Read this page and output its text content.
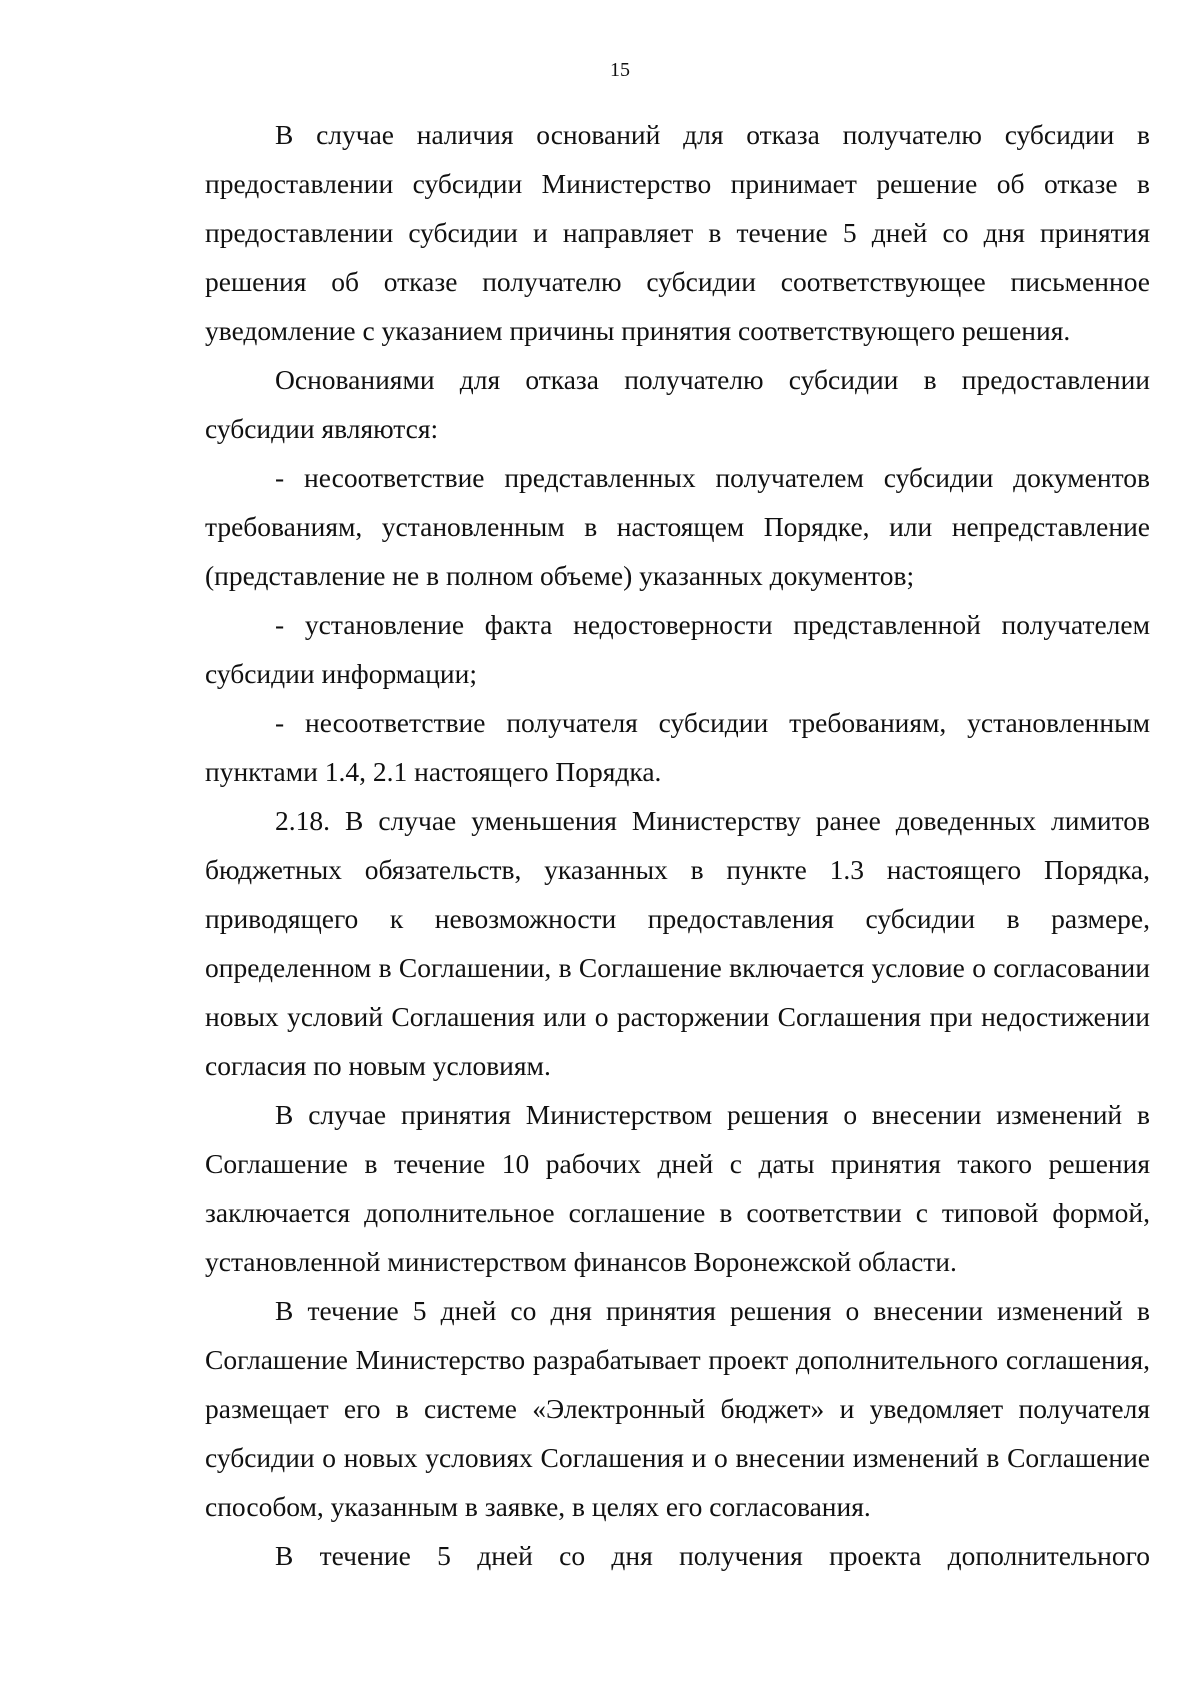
15

В случае наличия оснований для отказа получателю субсидии в предоставлении субсидии Министерство принимает решение об отказе в предоставлении субсидии и направляет в течение 5 дней со дня принятия решения об отказе получателю субсидии соответствующее письменное уведомление с указанием причины принятия соответствующего решения.

Основаниями для отказа получателю субсидии в предоставлении субсидии являются:

- несоответствие представленных получателем субсидии документов требованиям, установленным в настоящем Порядке, или непредставление (представление не в полном объеме) указанных документов;

- установление факта недостоверности представленной получателем субсидии информации;

- несоответствие получателя субсидии требованиям, установленным пунктами 1.4, 2.1 настоящего Порядка.

2.18. В случае уменьшения Министерству ранее доведенных лимитов бюджетных обязательств, указанных в пункте 1.3 настоящего Порядка, приводящего к невозможности предоставления субсидии в размере, определенном в Соглашении, в Соглашение включается условие о согласовании новых условий Соглашения или о расторжении Соглашения при недостижении согласия по новым условиям.

В случае принятия Министерством решения о внесении изменений в Соглашение в течение 10 рабочих дней с даты принятия такого решения заключается дополнительное соглашение в соответствии с типовой формой, установленной министерством финансов Воронежской области.

В течение 5 дней со дня принятия решения о внесении изменений в Соглашение Министерство разрабатывает проект дополнительного соглашения, размещает его в системе «Электронный бюджет» и уведомляет получателя субсидии о новых условиях Соглашения и о внесении изменений в Соглашение способом, указанным в заявке, в целях его согласования.

В течение 5 дней со дня получения проекта дополнительного
